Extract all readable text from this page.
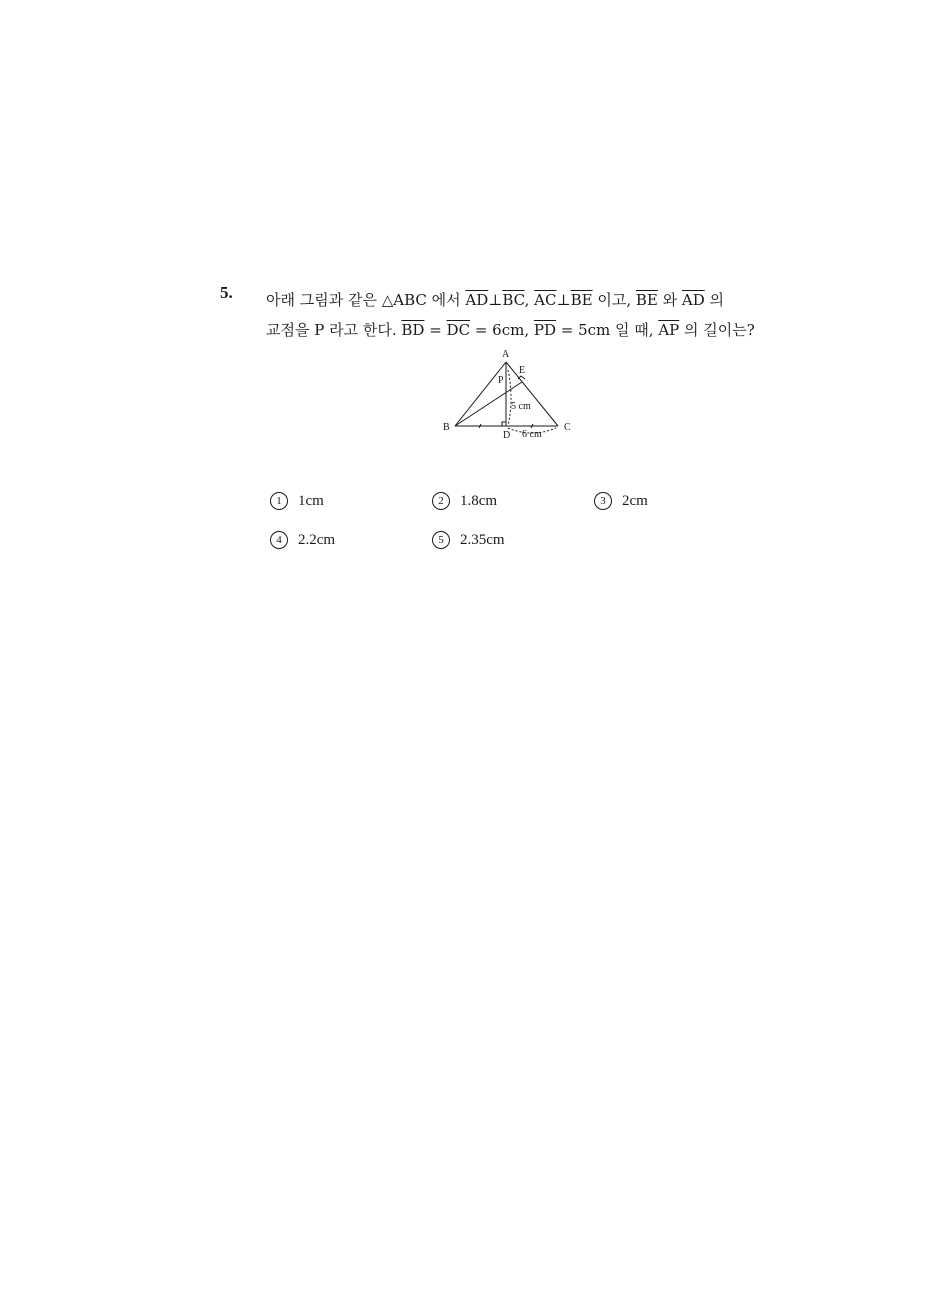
5. 아래 그림과 같은 △ABC 에서 $\overline{AD}\perp\overline{BC}$, $\overline{AC}\perp\overline{BE}$ 이고, $\overline{BE}$ 와 $\overline{AD}$ 의
교점을 P 라고 한다. $\overline{BD} = \overline{DC} = 6cm$, $\overline{PD} = 5cm$ 일 때, $\overline{AP}$ 의 길이는?
A
E
P
B
D
C
5 cm
6 cm
1 1cm	2 1.8cm	3 2cm
4 2.2cm	5 2.35cm
